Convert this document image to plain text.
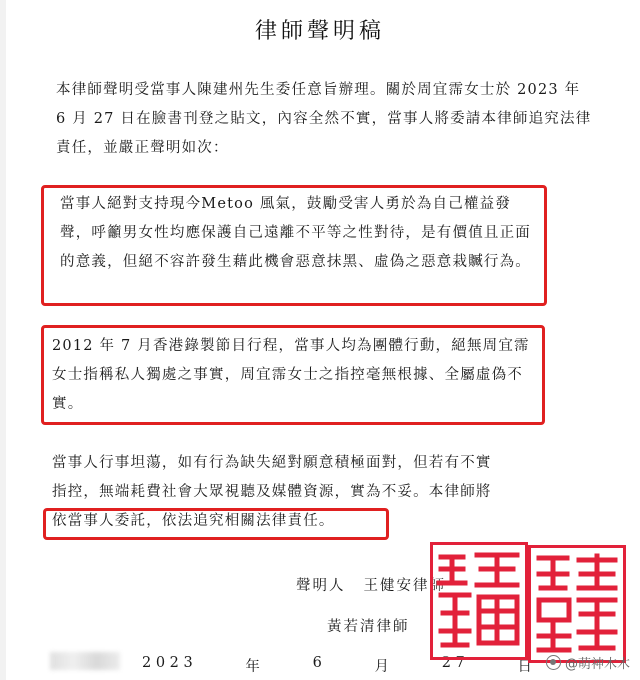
律師聲明稿
本律師聲明受當事人陳建州先生委任意旨辦理。關於周宜霈女士於 2023 年 6 月 27 日在臉書刊登之貼文，內容全然不實，當事人將委請本律師追究法律責任，並嚴正聲明如次：
當事人絕對支持現今Metoo 風氣，鼓勵受害人勇於為自己權益發聲，呼籲男女性均應保護自己遠離不平等之性對待，是有價值且正面的意義，但絕不容許發生藉此機會惡意抹黑、虛偽之惡意栽贓行為。
2012 年 7 月香港錄製節目行程，當事人均為團體行動，絕無周宜霈女士指稱私人獨處之事實，周宜霈女士之指控毫無根據、全屬虛偽不實。
當事人行事坦蕩，如有行為缺失絕對願意積極面對，但若有不實
指控，無端耗費社會大眾視聽及媒體資源，實為不妥。本律師將
依當事人委託，依法追究相關法律責任。
聲明人 王健安律師
黃若清律師
2 0 2 3	年	6	月	2 7	日	@萌神木木
